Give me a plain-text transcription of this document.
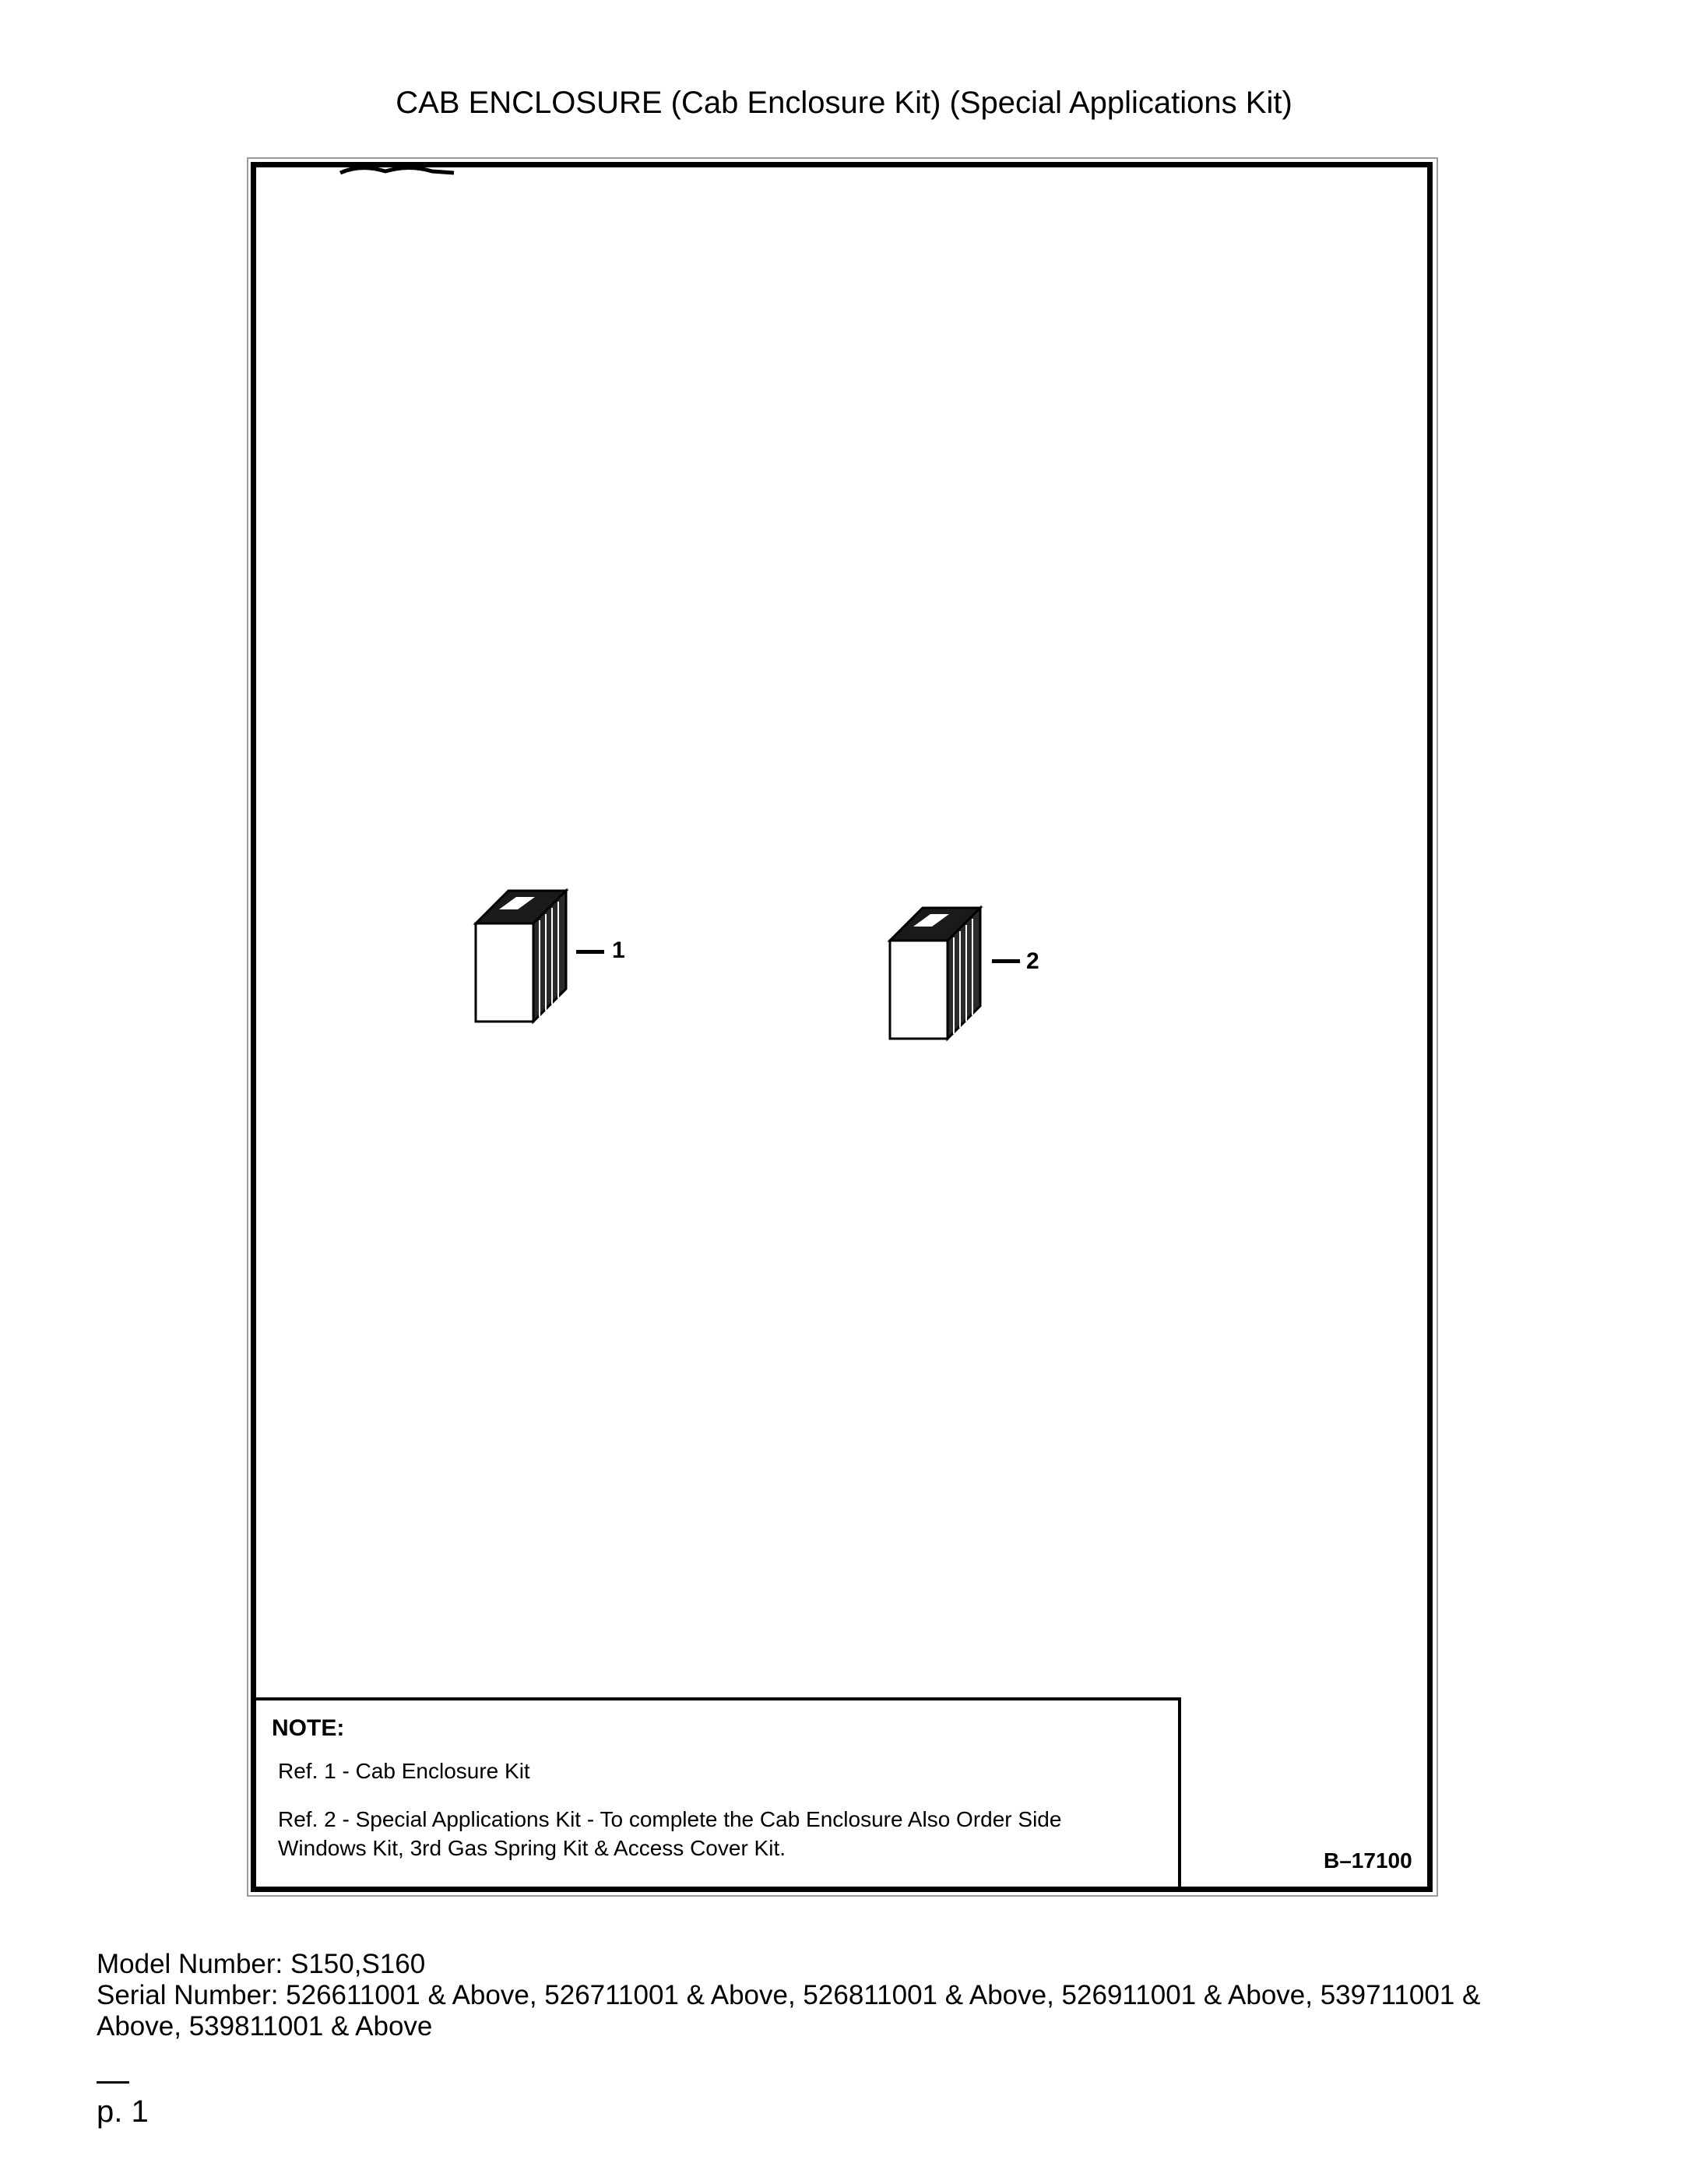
CAB ENCLOSURE (Cab Enclosure Kit) (Special Applications Kit)
1	2
NOTE:
Ref. 1 - Cab Enclosure Kit
Ref. 2 - Special Applications Kit - To complete the Cab Enclosure Also Order Side
Windows Kit, 3rd Gas Spring Kit & Access Cover Kit.
B–17100
Model Number: S150,S160
Serial Number: 526611001 & Above, 526711001 & Above, 526811001 & Above, 526911001 & Above, 539711001 &
Above, 539811001 & Above
p. 1
